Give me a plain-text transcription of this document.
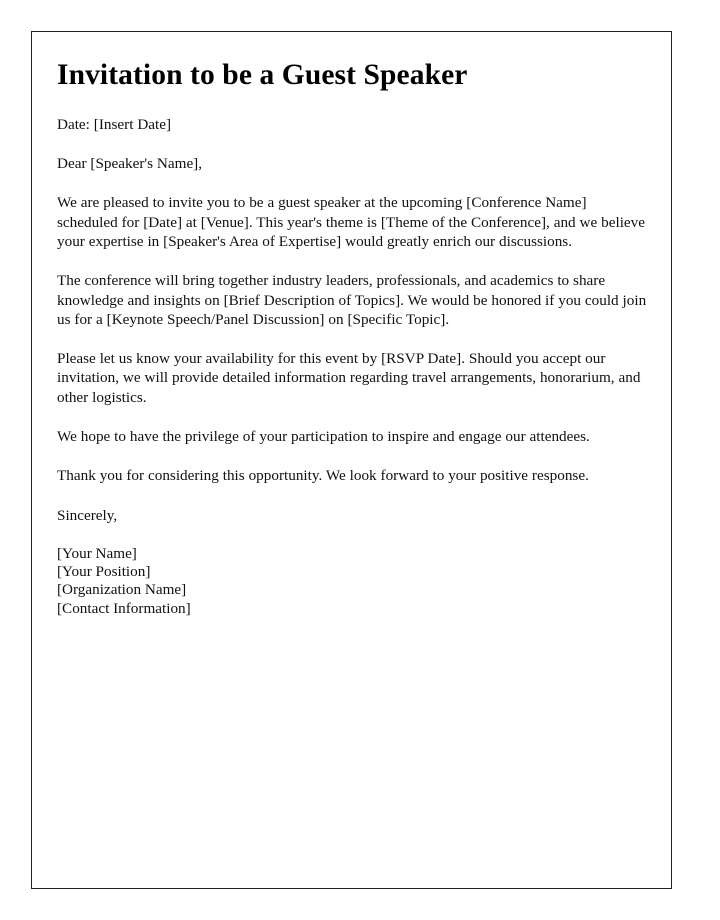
Invitation to be a Guest Speaker

Date: [Insert Date]

Dear [Speaker's Name],

We are pleased to invite you to be a guest speaker at the upcoming [Conference Name] scheduled for [Date] at [Venue]. This year's theme is [Theme of the Conference], and we believe your expertise in [Speaker's Area of Expertise] would greatly enrich our discussions.

The conference will bring together industry leaders, professionals, and academics to share knowledge and insights on [Brief Description of Topics]. We would be honored if you could join us for a [Keynote Speech/Panel Discussion] on [Specific Topic].

Please let us know your availability for this event by [RSVP Date]. Should you accept our invitation, we will provide detailed information regarding travel arrangements, honorarium, and other logistics.

We hope to have the privilege of your participation to inspire and engage our attendees.

Thank you for considering this opportunity. We look forward to your positive response.

Sincerely,

[Your Name]
[Your Position]
[Organization Name]
[Contact Information]
